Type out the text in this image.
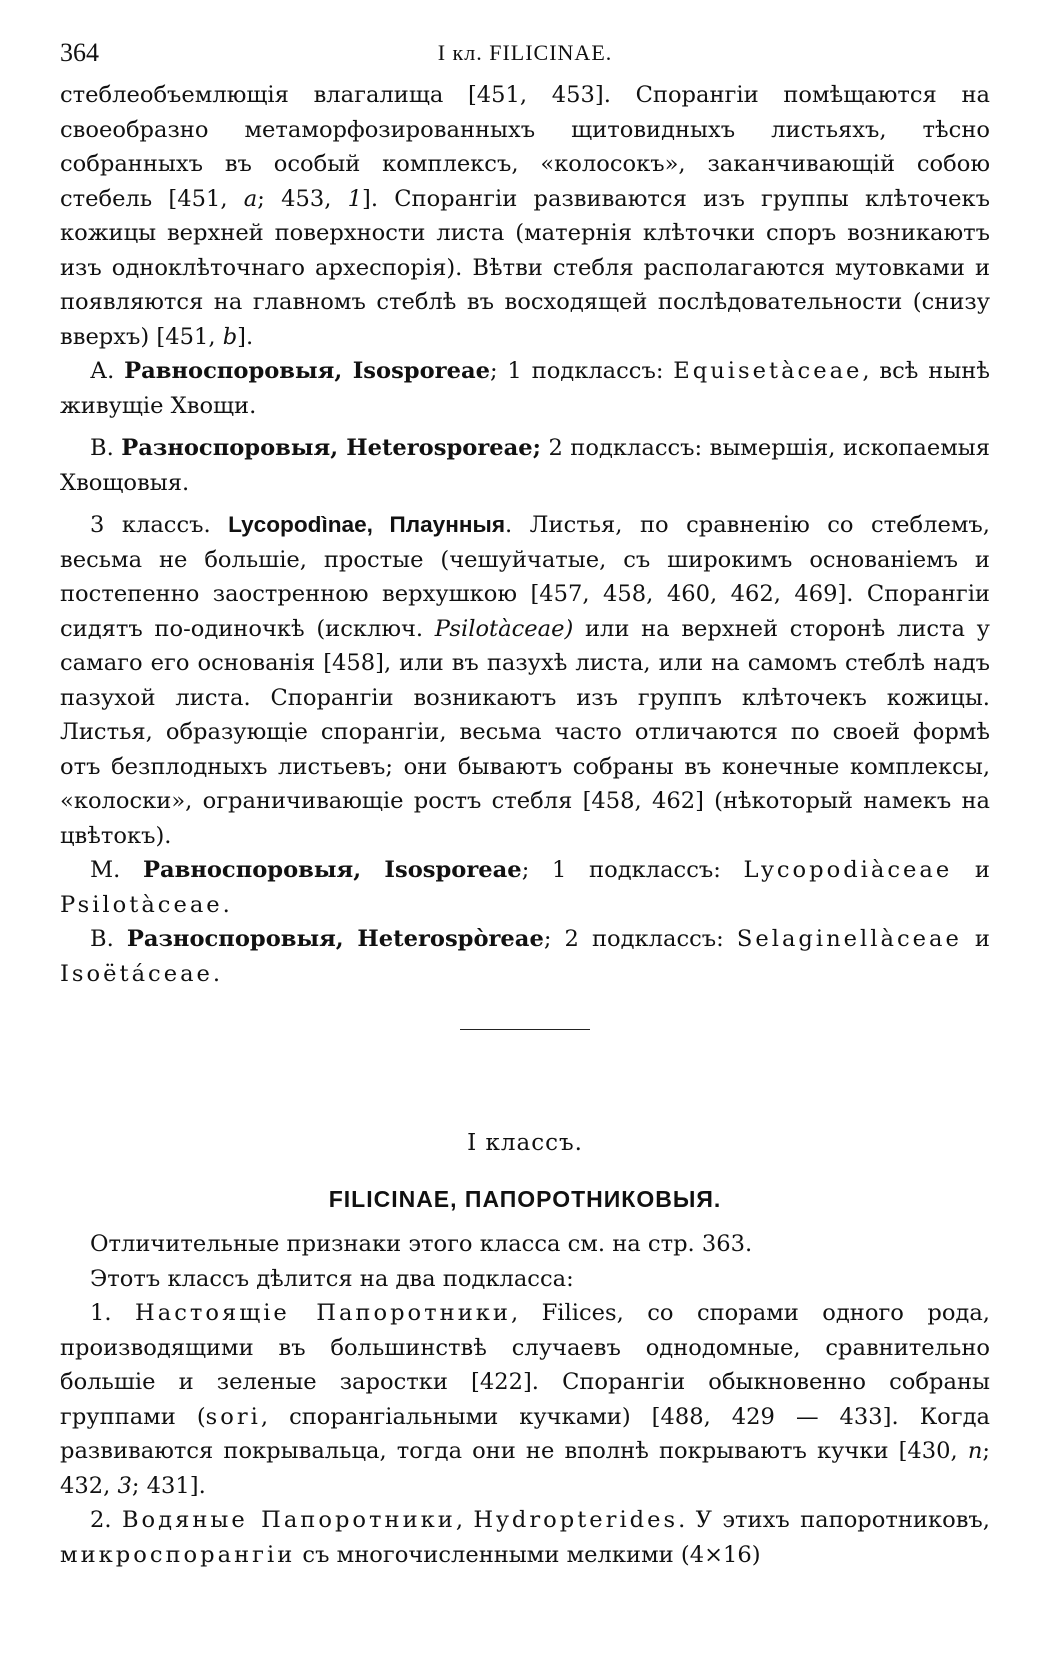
364	I кл. FILICINAE.

стеблеобъемлющія влагалища [451, 453]. Спорангіи помѣщаются на своеобразно метаморфозированныхъ щитовидныхъ листьяхъ, тѣсно собранныхъ въ особый комплексъ, «колосокъ», заканчивающій собою стебель [451, a; 453, 1]. Спорангіи развиваются изъ группы клѣточекъ кожицы верхней поверхности листа (матернія клѣточки споръ возникаютъ изъ одноклѣточнаго археспорія). Вѣтви стебля располагаются мутовками и появляются на главномъ стеблѣ въ восходящей послѣдовательности (снизу вверхъ) [451, b].

А. Равноспоровыя, Isosporeae; 1 подклассъ: Equisetàceae, всѣ нынѣ живущіе Хвощи.

В. Разноспоровыя, Heterosporeae; 2 подклассъ: вымершія, ископаемыя Хвощовыя.

3 классъ. Lycopodìnae, Плаунныя. Листья, по сравненію со стеблемъ, весьма не большіе, простые (чешуйчатые, съ широкимъ основаніемъ и постепенно заостренною верхушкою [457, 458, 460, 462, 469]. Спорангіи сидятъ по-одиночкѣ (исключ. Psilotàceae) или на верхней сторонѣ листа у самаго его основанія [458], или въ пазухѣ листа, или на самомъ стеблѣ надъ пазухой листа. Спорангіи возникаютъ изъ группъ клѣточекъ кожицы. Листья, образующіе спорангіи, весьма часто отличаются по своей формѣ отъ безплодныхъ листьевъ; они бываютъ собраны въ конечные комплексы, «колоски», ограничивающіе ростъ стебля [458, 462] (нѣкоторый намекъ на цвѣтокъ).

М. Равноспоровыя, Isosporeae; 1 подклассъ: Lycopodiàceae и Psilotàceae.

В. Разноспоровыя, Heterospòreae; 2 подклассъ: Selaginellàceae и Isoëtáceae.

I классъ.
FILICINAE, ПАПОРОТНИКОВЫЯ.

Отличительные признаки этого класса см. на стр. 363.

Этотъ классъ дѣлится на два подкласса:

1. Настоящіе Папоротники, Filices, со спорами одного рода, производящими въ большинствѣ случаевъ однодомные, сравнительно большіе и зеленые заростки [422]. Спорангіи обыкновенно собраны группами (sori, спорангіальными кучками) [488, 429 — 433]. Когда развиваются покрывальца, тогда они не вполнѣ покрываютъ кучки [430, n; 432, 3; 431].

2. Водяные Папоротники, Hydropterides. У этихъ папоротниковъ, микроспорангіи съ многочисленными мелкими (4×16)
